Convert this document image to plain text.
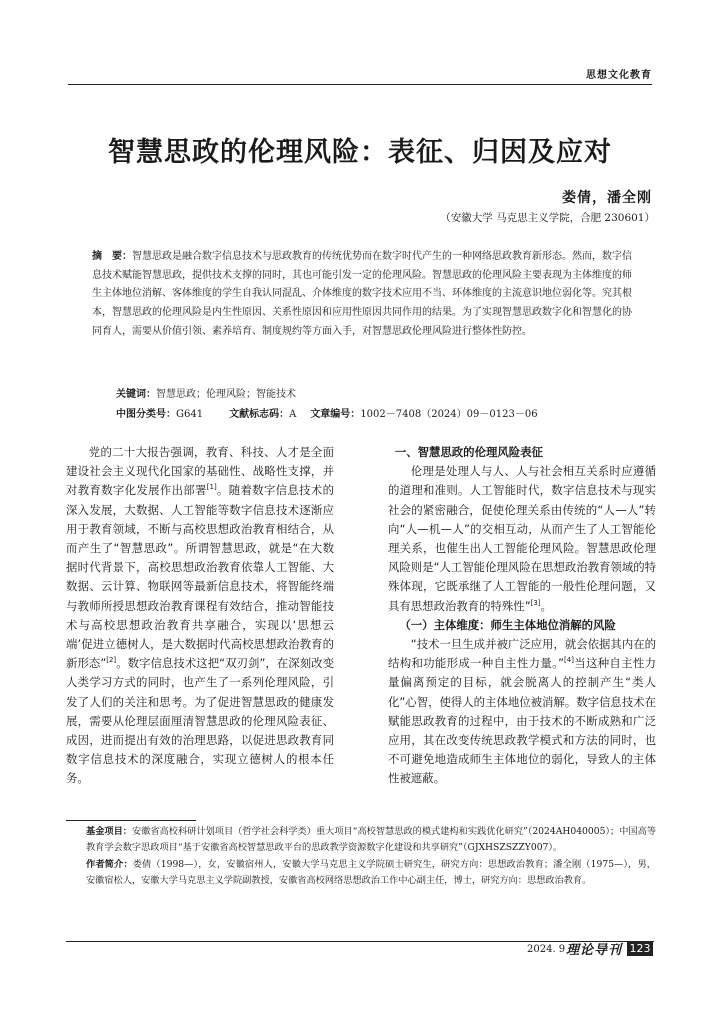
思想文化教育
智慧思政的伦理风险：表征、归因及应对
娄倩，潘全刚
（安徽大学 马克思主义学院，合肥 230601）
摘　要：智慧思政是融合数字信息技术与思政教育的传统优势而在数字时代产生的一种网络思政教育新形态。然而，数字信息技术赋能智慧思政，提供技术支撑的同时，其也可能引发一定的伦理风险。智慧思政的伦理风险主要表现为主体维度的师生主体地位消解、客体维度的学生自我认同混乱、介体维度的数字技术应用不当、环体维度的主流意识地位弱化等。究其根本，智慧思政的伦理风险是内生性原因、关系性原因和应用性原因共同作用的结果。为了实现智慧思政数字化和智慧化的协同育人，需要从价值引领、素养培育、制度规约等方面入手，对智慧思政伦理风险进行整体性防控。
关键词：智慧思政；伦理风险；智能技术
中图分类号：G641	文献标志码：A 文章编号：1002－7408（2024）09－0123－06

党的二十大报告强调，教育、科技、人才是全面建设社会主义现代化国家的基础性、战略性支撑，并对教育数字化发展作出部署[1]。随着数字信息技术的深入发展，大数据、人工智能等数字信息技术逐渐应用于教育领域，不断与高校思想政治教育相结合，从而产生了“智慧思政”。所谓智慧思政，就是“在大数据时代背景下，高校思想政治教育依靠人工智能、大数据、云计算、物联网等最新信息技术，将智能终端与教师所授思想政治教育课程有效结合，推动智能技术与高校思想政治教育共享融合，实现以‘思想云端’促进立德树人，是大数据时代高校思想政治教育的新形态”[2]。数字信息技术这把“双刃剑”，在深刻改变人类学习方式的同时，也产生了一系列伦理风险，引发了人们的关注和思考。为了促进智慧思政的健康发展，需要从伦理层面厘清智慧思政的伦理风险表征、成因，进而提出有效的治理思路，以促进思政教育同数字信息技术的深度融合，实现立德树人的根本任务。

一、智慧思政的伦理风险表征

伦理是处理人与人、人与社会相互关系时应遵循的道理和准则。人工智能时代，数字信息技术与现实社会的紧密融合，促使伦理关系由传统的“人—人”转向“人—机—人”的交相互动，从而产生了人工智能伦理关系，也催生出人工智能伦理风险。智慧思政伦理风险则是“人工智能伦理风险在思想政治教育领域的特殊体现，它既承继了人工智能的一般性伦理问题，又具有思想政治教育的特殊性”[3]。

（一）主体维度：师生主体地位消解的风险

“技术一旦生成并被广泛应用，就会依据其内在的结构和功能形成一种自主性力量。”[4]当这种自主性力量偏离预定的目标，就会脱离人的控制产生“类人化”心智，使得人的主体地位被消解。数字信息技术在赋能思政教育的过程中，由于技术的不断成熟和广泛应用，其在改变传统思政教学模式和方法的同时，也不可避免地造成师生主体地位的弱化，导致人的主体性被遮蔽。

基金项目：安徽省高校科研计划项目（哲学社会科学类）重大项目“高校智慧思政的模式建构和实践优化研究”（2024AH040005）；中国高等教育学会数字思政项目“基于安徽省高校智慧思政平台的思政教学资源数字化建设和共享研究”（GJXHSZSZZY007）。

作者简介：娄倩（1998—），女，安徽宿州人，安徽大学马克思主义学院硕士研究生，研究方向：思想政治教育；潘全刚（1975—），男，安徽宿松人，安徽大学马克思主义学院副教授，安徽省高校网络思想政治工作中心副主任，博士，研究方向：思想政治教育。

2024. 9 理论导刊 123
